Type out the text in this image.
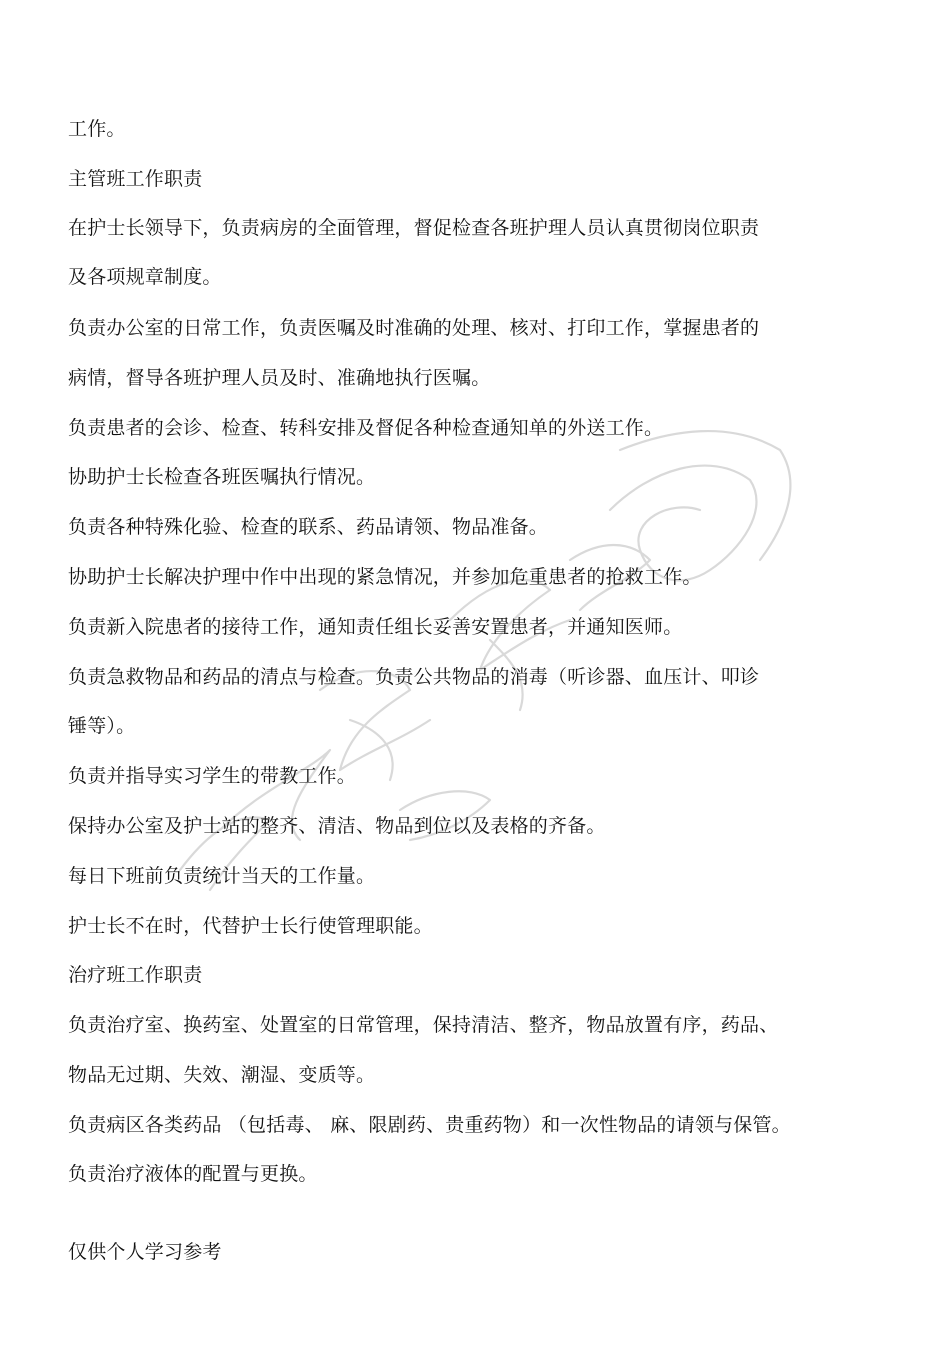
工作。
主管班工作职责
在护士长领导下，负责病房的全面管理，督促检查各班护理人员认真贯彻岗位职责
及各项规章制度。
负责办公室的日常工作，负责医嘱及时准确的处理、核对、打印工作，掌握患者的
病情，督导各班护理人员及时、准确地执行医嘱。
负责患者的会诊、检查、转科安排及督促各种检查通知单的外送工作。
协助护士长检查各班医嘱执行情况。
负责各种特殊化验、检查的联系、药品请领、物品准备。
协助护士长解决护理中作中出现的紧急情况，并参加危重患者的抢救工作。
负责新入院患者的接待工作，通知责任组长妥善安置患者，并通知医师。
负责急救物品和药品的清点与检查。负责公共物品的消毒（听诊器、血压计、叩诊
锤等）。
负责并指导实习学生的带教工作。
保持办公室及护士站的整齐、清洁、物品到位以及表格的齐备。
每日下班前负责统计当天的工作量。
护士长不在时，代替护士长行使管理职能。
治疗班工作职责
负责治疗室、换药室、处置室的日常管理，保持清洁、整齐，物品放置有序，药品、
物品无过期、失效、潮湿、变质等。
负责病区各类药品 （包括毒、 麻、限剧药、贵重药物）和一次性物品的请领与保管。
负责治疗液体的配置与更换。
仅供个人学习参考
